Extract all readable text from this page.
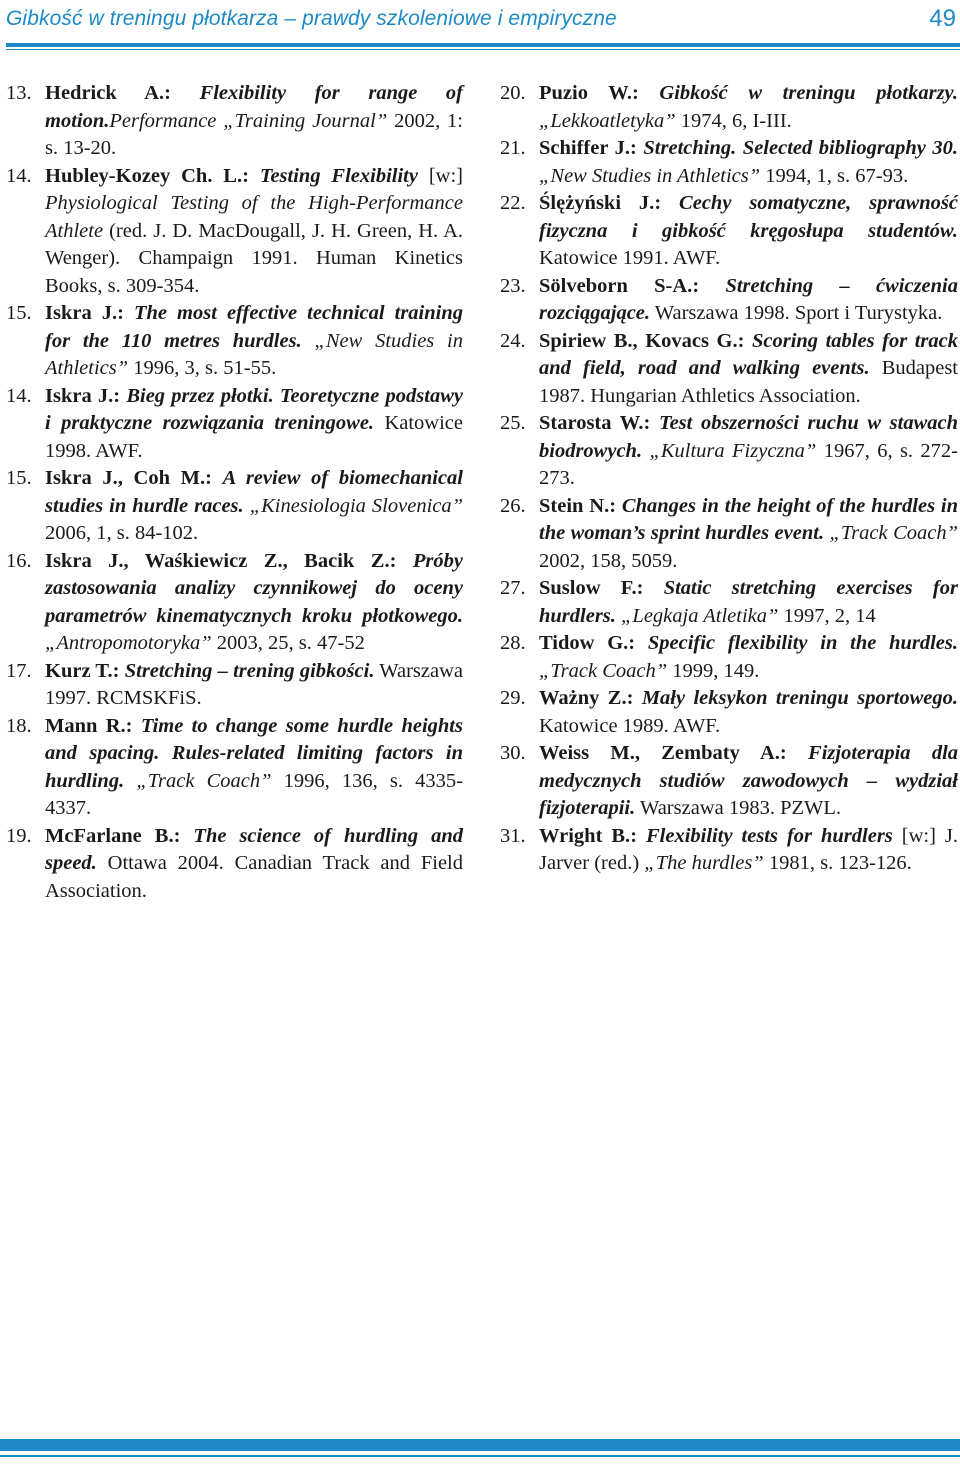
Gibkość w treningu płotkarza – prawdy szkoleniowe i empiryczne	49
13. Hedrick A.: Flexibility for range of motion.Performance „Training Journal” 2002, 1: s. 13-20.
14. Hubley-Kozey Ch. L.: Testing Flexibility [w:] Physiological Testing of the High-Performance Athlete (red. J. D. MacDougall, J. H. Green, H. A. Wenger). Champaign 1991. Human Kinetics Books, s. 309-354.
15. Iskra J.: The most effective technical training for the 110 metres hurdles. „New Studies in Athletics” 1996, 3, s. 51-55.
14. Iskra J.: Bieg przez płotki. Teoretyczne podstawy i praktyczne rozwiązania treningowe. Katowice 1998. AWF.
15. Iskra J., Coh M.: A review of biomechanical studies in hurdle races. „Kinesiologia Slovenica” 2006, 1, s. 84-102.
16. Iskra J., Waśkiewicz Z., Bacik Z.: Próby zastosowania analizy czynnikowej do oceny parametrów kinematycznych kroku płotkowego. „Antropomotoryka” 2003, 25, s. 47-52
17. Kurz T.: Stretching – trening gibkości. Warszawa 1997. RCMSKFiS.
18. Mann R.: Time to change some hurdle heights and spacing. Rules-related limiting factors in hurdling. „Track Coach” 1996, 136, s. 4335-4337.
19. McFarlane B.: The science of hurdling and speed. Ottawa 2004. Canadian Track and Field Association.
20. Puzio W.: Gibkość w treningu płotkarzy. „Lekkoatletyka” 1974, 6, I-III.
21. Schiffer J.: Stretching. Selected bibliography 30. „New Studies in Athletics” 1994, 1, s. 67-93.
22. Ślężyński J.: Cechy somatyczne, sprawność fizyczna i gibkość kręgosłupa studentów. Katowice 1991. AWF.
23. Sölveborn S-A.: Stretching – ćwiczenia rozciągające. Warszawa 1998. Sport i Turystyka.
24. Spiriew B., Kovacs G.: Scoring tables for track and field, road and walking events. Budapest 1987. Hungarian Athletics Association.
25. Starosta W.: Test obszerności ruchu w stawach biodrowych. „Kultura Fizyczna” 1967, 6, s. 272-273.
26. Stein N.: Changes in the height of the hurdles in the woman’s sprint hurdles event. „Track Coach” 2002, 158, 5059.
27. Suslow F.: Static stretching exercises for hurdlers. „Legkaja Atletika” 1997, 2, 14
28. Tidow G.: Specific flexibility in the hurdles. „Track Coach” 1999, 149.
29. Ważny Z.: Mały leksykon treningu sportowego. Katowice 1989. AWF.
30. Weiss M., Zembaty A.: Fizjoterapia dla medycznych studiów zawodowych – wydział fizjoterapii. Warszawa 1983. PZWL.
31. Wright B.: Flexibility tests for hurdlers [w:] J. Jarver (red.) „The hurdles” 1981, s. 123-126.
